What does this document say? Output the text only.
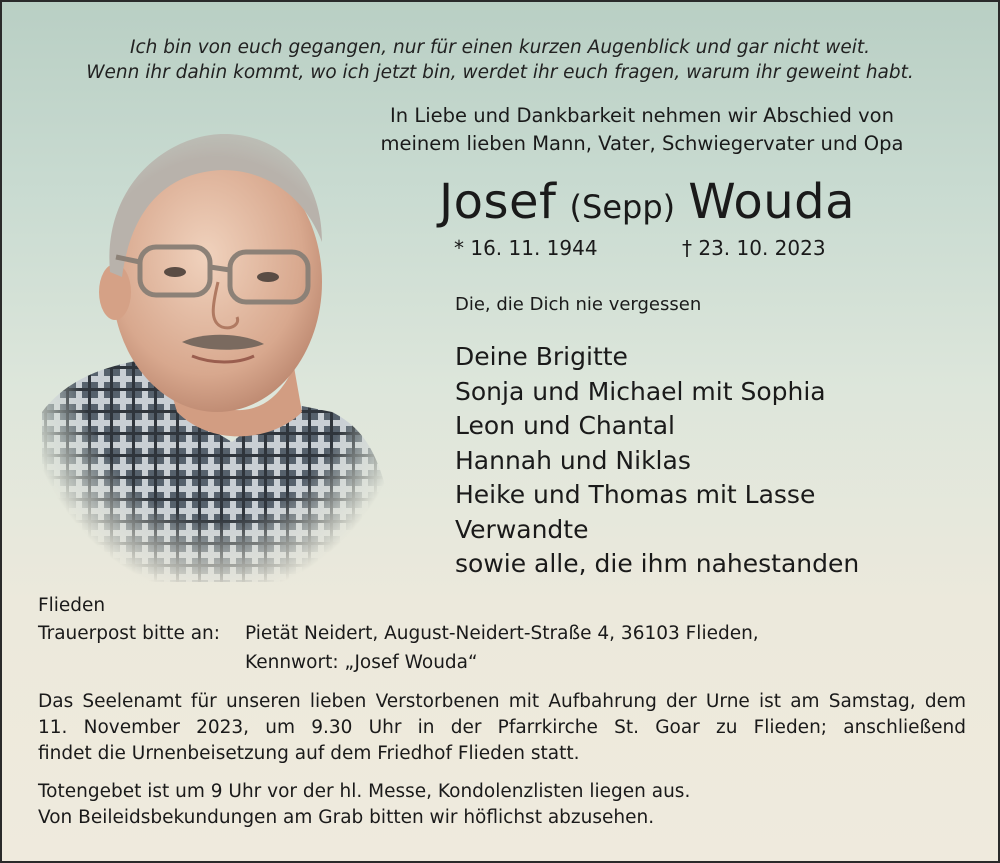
Ich bin von euch gegangen, nur für einen kurzen Augenblick und gar nicht weit.
Wenn ihr dahin kommt, wo ich jetzt bin, werdet ihr euch fragen, warum ihr geweint habt.
In Liebe und Dankbarkeit nehmen wir Abschied von
meinem lieben Mann, Vater, Schwiegervater und Opa
Josef (Sepp) Wouda
* 16. 11. 1944	† 23. 10. 2023
Die, die Dich nie vergessen
Deine Brigitte
Sonja und Michael mit Sophia
Leon und Chantal
Hannah und Niklas
Heike und Thomas mit Lasse
Verwandte
sowie alle, die ihm nahestanden
Flieden
Trauerpost bitte an: Pietät Neidert, August-Neidert-Straße 4, 36103 Flieden,
Kennwort: „Josef Wouda“

Das Seelenamt für unseren lieben Verstorbenen mit Aufbahrung der Urne ist am Samstag, dem

11. November 2023, um 9.30 Uhr in der Pfarrkirche St. Goar zu Flieden; anschließend

findet die Urnenbeisetzung auf dem Friedhof Flieden statt.

Totengebet ist um 9 Uhr vor der hl. Messe, Kondolenzlisten liegen aus.

Von Beileidsbekundungen am Grab bitten wir höflichst abzusehen.
